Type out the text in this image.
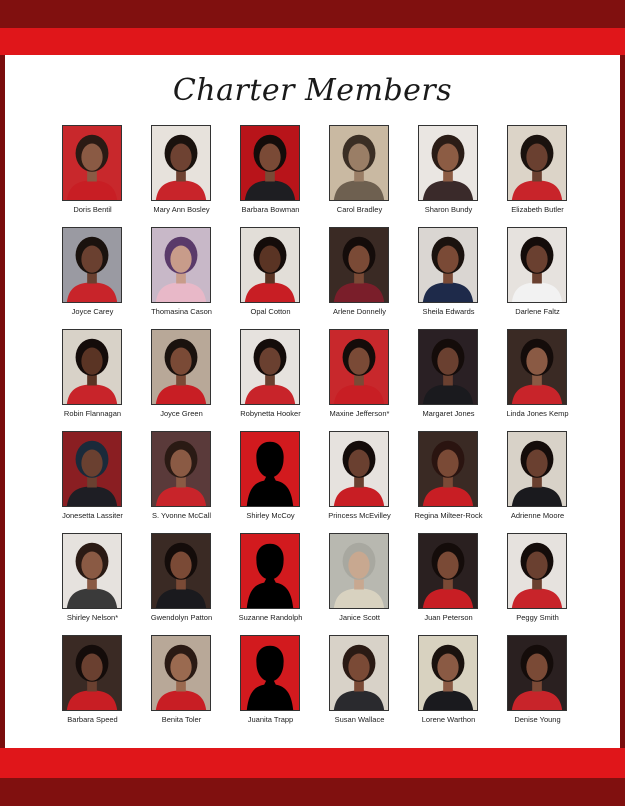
Charter Members
Doris Bentil	Mary Ann Bosley	Barbara Bowman	Carol Bradley	Sharon Bundy	Elizabeth Butler
Joyce Carey	Thomasina Cason	Opal Cotton	Arlene Donnelly	Sheila Edwards	Darlene Faltz
Robin Flannagan	Joyce Green	Robynetta Hooker	Maxine Jefferson*	Margaret Jones	Linda Jones Kemp
Jonesetta Lassiter	S. Yvonne McCall	Shirley McCoy	Princess McEvilley	Regina Milteer-Rock	Adrienne Moore
Shirley Nelson*	Gwendolyn Patton	Suzanne Randolph	Janice Scott	Juan Peterson	Peggy Smith
Barbara Speed	Benita Toler	Juanita Trapp	Susan Wallace	Lorene Warthon	Denise Young
